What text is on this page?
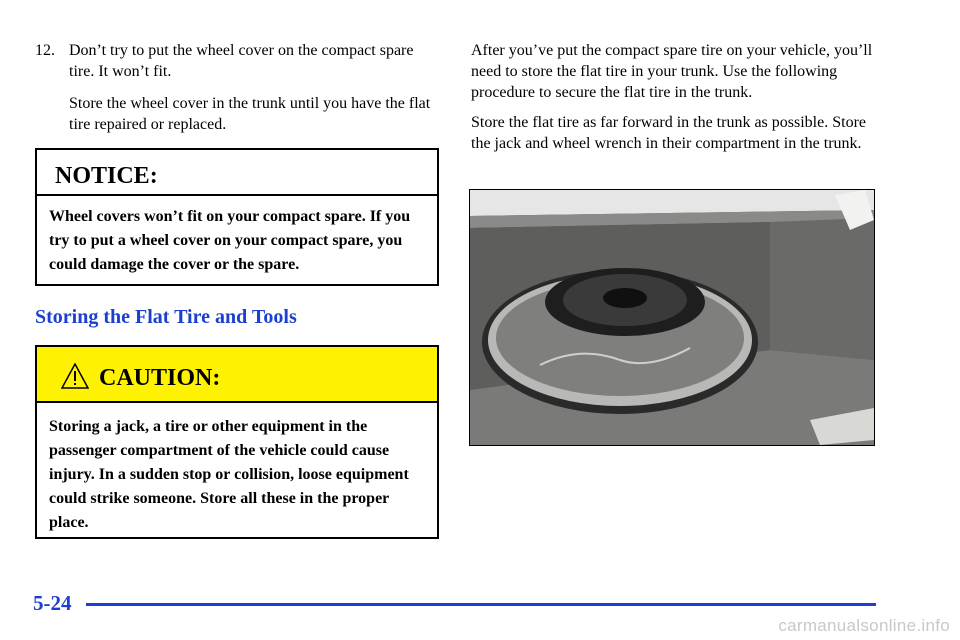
12. Don’t try to put the wheel cover on the compact spare tire. It won’t fit.

Store the wheel cover in the trunk until you have the flat tire repaired or replaced.

NOTICE:
Wheel covers won’t fit on your compact spare. If you try to put a wheel cover on your compact spare, you could damage the cover or the spare.
Storing the Flat Tire and Tools
CAUTION:
Storing a jack, a tire or other equipment in the passenger compartment of the vehicle could cause injury. In a sudden stop or collision, loose equipment could strike someone. Store all these in the proper place.

After you’ve put the compact spare tire on your vehicle, you’ll need to store the flat tire in your trunk. Use the following procedure to secure the flat tire in the trunk.

Store the flat tire as far forward in the trunk as possible. Store the jack and wheel wrench in their compartment in the trunk.

5-24
carmanualsonline.info
